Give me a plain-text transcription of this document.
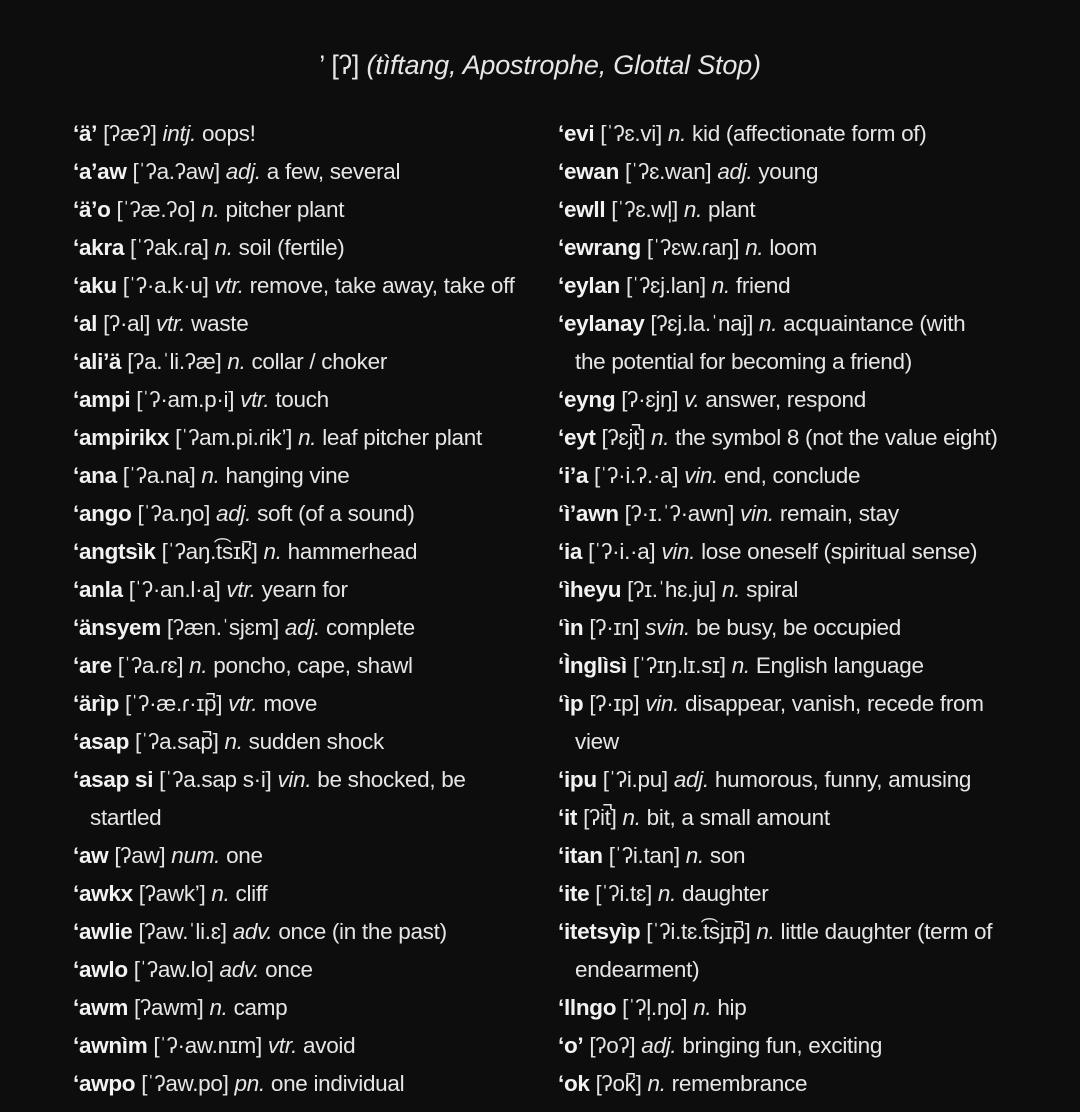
’ [ʔ] (tìftang, Apostrophe, Glottal Stop)
‘ä’ [ʔæʔ] intj. oops!
‘a’aw [ˈʔa.ʔaw] adj. a few, several
‘ä’o [ˈʔæ.ʔo] n. pitcher plant
‘akra [ˈʔak.ɾa] n. soil (fertile)
‘aku [ˈʔ·a.k·u] vtr. remove, take away, take off
‘al [ʔ·al] vtr. waste
‘ali’ä [ʔa.ˈli.ʔæ] n. collar / choker
‘ampi [ˈʔ·am.p·i] vtr. touch
‘ampirikx [ˈʔam.pi.ɾik’] n. leaf pitcher plant
‘ana [ˈʔa.na] n. hanging vine
‘ango [ˈʔa.ŋo] adj. soft (of a sound)
‘angtsìk [ˈʔaŋ.t͡sɪk̚] n. hammerhead
‘anla [ˈʔ·an.l·a] vtr. yearn for
‘änsyem [ʔæn.ˈsjɛm] adj. complete
‘are [ˈʔa.ɾɛ] n. poncho, cape, shawl
‘ärìp [ˈʔ·æ.ɾ·ɪp̚] vtr. move
‘asap [ˈʔa.sap̚] n. sudden shock
‘asap si [ˈʔa.sap s·i] vin. be shocked, be
startled
‘aw [ʔaw] num. one
‘awkx [ʔawk’] n. cliff
‘awlie [ʔaw.ˈli.ɛ] adv. once (in the past)
‘awlo [ˈʔaw.lo] adv. once
‘awm [ʔawm] n. camp
‘awnìm [ˈʔ·aw.nɪm] vtr. avoid
‘awpo [ˈʔaw.po] pn. one individual
‘evi [ˈʔɛ.vi] n. kid (affectionate form of)
‘ewan [ˈʔɛ.wan] adj. young
‘ewll [ˈʔɛ.wl̩] n. plant
‘ewrang [ˈʔɛw.ɾaŋ] n. loom
‘eylan [ˈʔɛj.lan] n. friend
‘eylanay [ʔɛj.la.ˈnaj] n. acquaintance (with
the potential for becoming a friend)
‘eyng [ʔ·ɛjŋ] v. answer, respond
‘eyt [ʔɛjt̚] n. the symbol 8 (not the value eight)
‘i’a [ˈʔ·i.ʔ.·a] vin. end, conclude
‘ì’awn [ʔ·ɪ.ˈʔ·awn] vin. remain, stay
‘ia [ˈʔ·i.·a] vin. lose oneself (spiritual sense)
‘ìheyu [ʔɪ.ˈhɛ.ju] n. spiral
‘ìn [ʔ·ɪn] svin. be busy, be occupied
‘Ìnglìsì [ˈʔɪŋ.lɪ.sɪ] n. English language
‘ìp [ʔ·ɪp] vin. disappear, vanish, recede from
view
‘ipu [ˈʔi.pu] adj. humorous, funny, amusing
‘it [ʔit̚] n. bit, a small amount
‘itan [ˈʔi.tan] n. son
‘ite [ˈʔi.tɛ] n. daughter
‘itetsyìp [ˈʔi.tɛ.t͡sjɪp̚] n. little daughter (term of
endearment)
‘llngo [ˈʔl̩.ŋo] n. hip
‘o’ [ʔoʔ] adj. bringing fun, exciting
‘ok [ʔok̚] n. remembrance
